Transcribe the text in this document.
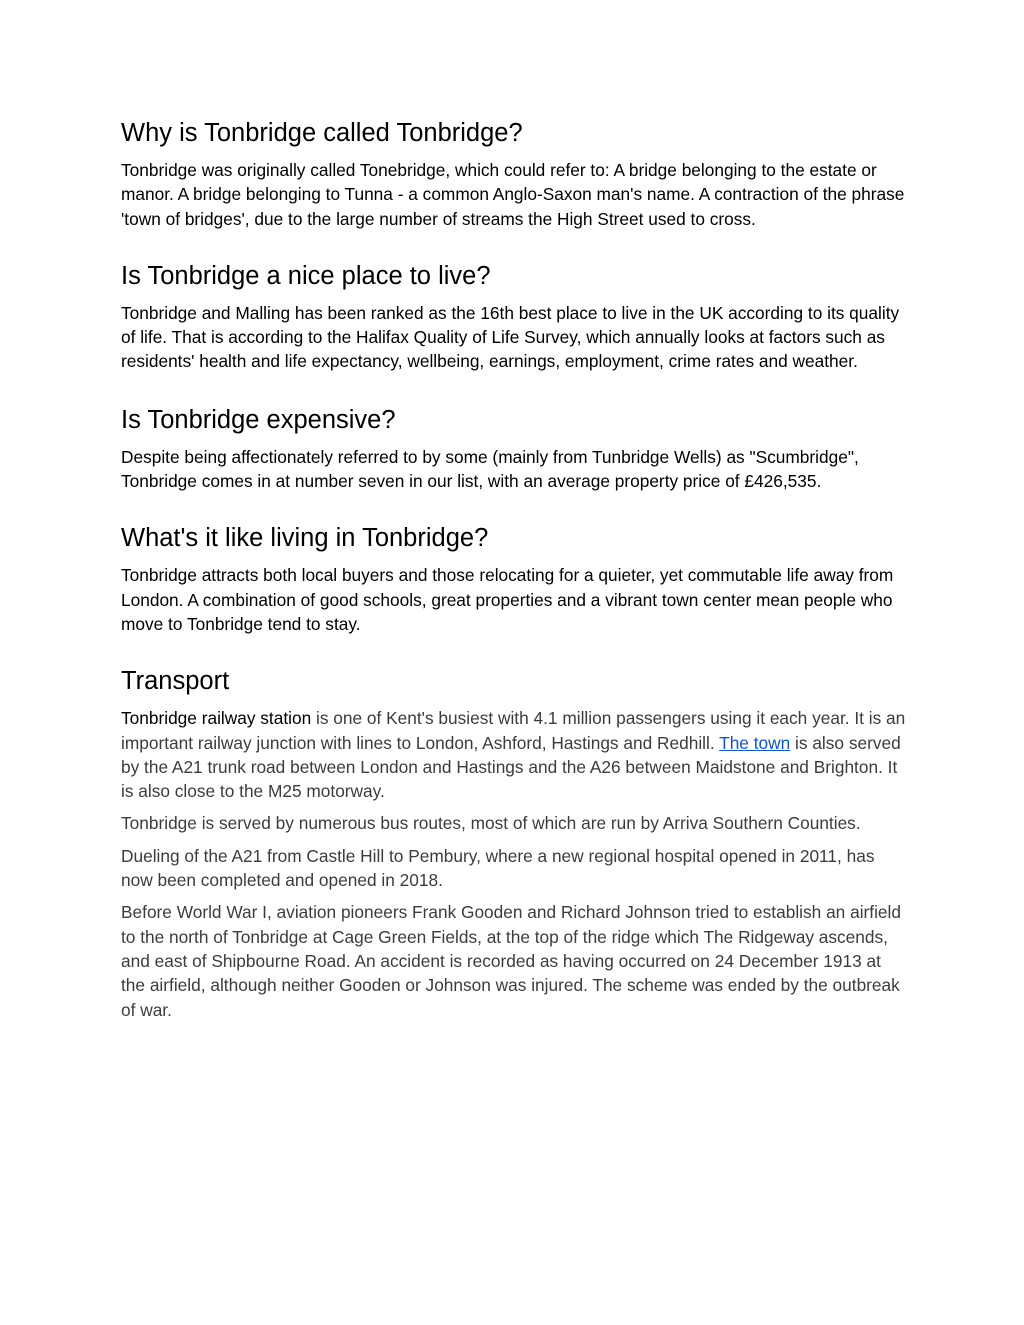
Why is Tonbridge called Tonbridge?

Tonbridge was originally called Tonebridge, which could refer to: A bridge belonging to the estate or manor. A bridge belonging to Tunna - a common Anglo-Saxon man's name. A contraction of the phrase 'town of bridges', due to the large number of streams the High Street used to cross.

Is Tonbridge a nice place to live?

Tonbridge and Malling has been ranked as the 16th best place to live in the UK according to its quality of life. That is according to the Halifax Quality of Life Survey, which annually looks at factors such as residents' health and life expectancy, wellbeing, earnings, employment, crime rates and weather.

Is Tonbridge expensive?

Despite being affectionately referred to by some (mainly from Tunbridge Wells) as "Scumbridge", Tonbridge comes in at number seven in our list, with an average property price of £426,535.

What's it like living in Tonbridge?

Tonbridge attracts both local buyers and those relocating for a quieter, yet commutable life away from London. A combination of good schools, great properties and a vibrant town center mean people who move to Tonbridge tend to stay.

Transport

Tonbridge railway station is one of Kent's busiest with 4.1 million passengers using it each year. It is an important railway junction with lines to London, Ashford, Hastings and Redhill. The town is also served by the A21 trunk road between London and Hastings and the A26 between Maidstone and Brighton. It is also close to the M25 motorway.

Tonbridge is served by numerous bus routes, most of which are run by Arriva Southern Counties.

Dueling of the A21 from Castle Hill to Pembury, where a new regional hospital opened in 2011, has now been completed and opened in 2018.

Before World War I, aviation pioneers Frank Gooden and Richard Johnson tried to establish an airfield to the north of Tonbridge at Cage Green Fields, at the top of the ridge which The Ridgeway ascends, and east of Shipbourne Road. An accident is recorded as having occurred on 24 December 1913 at the airfield, although neither Gooden or Johnson was injured. The scheme was ended by the outbreak of war.
